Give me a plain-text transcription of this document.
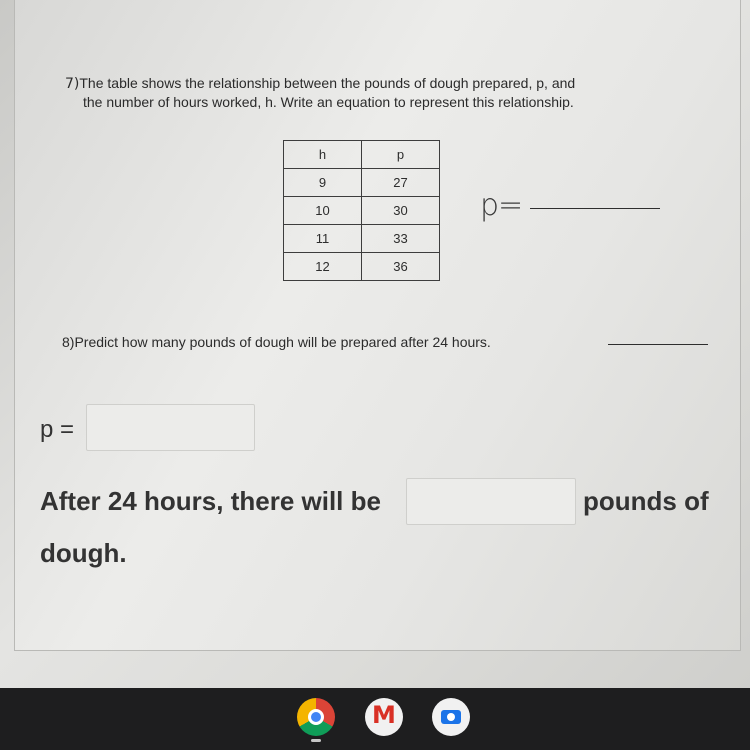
7)The table shows the relationship between the pounds of dough prepared, p, and
the number of hours worked, h. Write an equation to represent this relationship.
h	p
9	27
10	30
11	33
12	36
p=
8)Predict how many pounds of dough will be prepared after 24 hours.
p =
After 24 hours, there will be	pounds of
dough.
M
